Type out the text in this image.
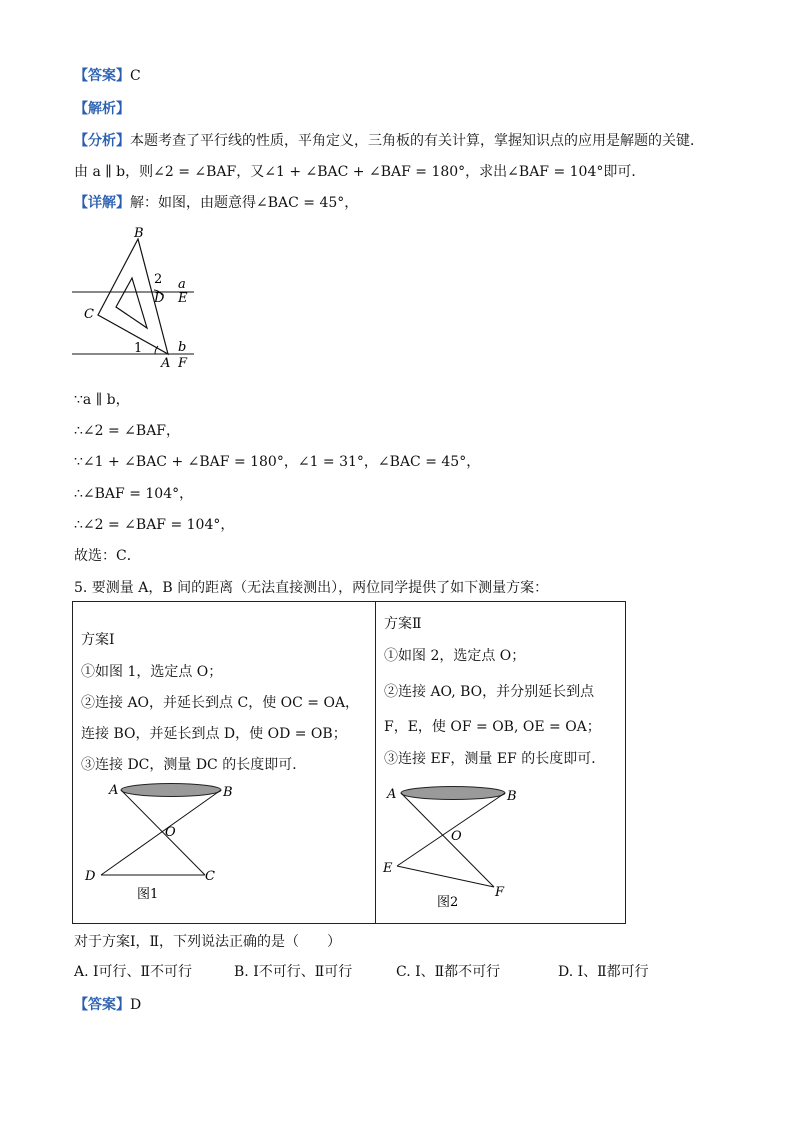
【答案】C
【解析】
【分析】本题考查了平行线的性质，平角定义，三角板的有关计算，掌握知识点的应用是解题的关键．
由 a ∥ b，则∠2 = ∠BAF，又∠1 + ∠BAC + ∠BAF = 180°，求出∠BAF = 104°即可．
【详解】解：如图，由题意得∠BAC = 45°，
B
C
D
A
E
F
a
b
1
2
∵a ∥ b，
∴∠2 = ∠BAF，
∵∠1 + ∠BAC + ∠BAF = 180°，∠1 = 31°，∠BAC = 45°，
∴∠BAF = 104°，
∴∠2 = ∠BAF = 104°，
故选：C．
5. 要测量 A，B 间的距离（无法直接测出），两位同学提供了如下测量方案：
方案Ⅰ
①如图 1，选定点 O；
②连接 AO，并延长到点 C，使 OC = OA，
连接 BO，并延长到点 D，使 OD = OB；
③连接 DC，测量 DC 的长度即可．
A	B
O
D	C
图1
方案Ⅱ
①如图 2，选定点 O；
②连接 AO, BO，并分别延长到点
F，E，使 OF = OB, OE = OA；
③连接 EF，测量 EF 的长度即可．
A	B
O
E
F
图2
对于方案Ⅰ，Ⅱ，下列说法正确的是（　　）
A. Ⅰ可行、Ⅱ不可行	B. Ⅰ不可行、Ⅱ可行	C. Ⅰ、Ⅱ都不可行	D. Ⅰ、Ⅱ都可行
【答案】D
